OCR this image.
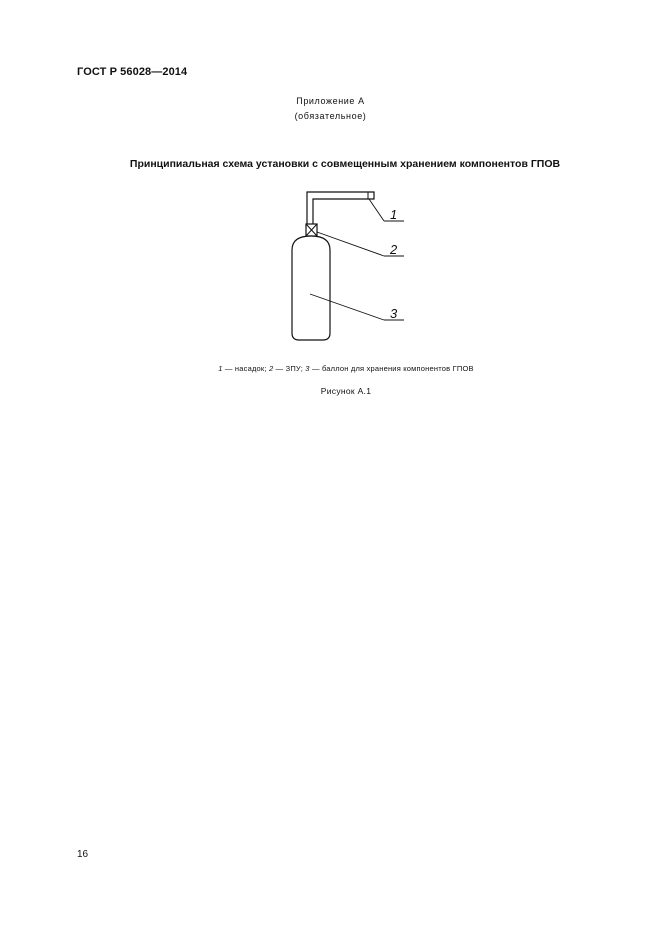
ГОСТ Р 56028—2014
Приложение А
(обязательное)
Принципиальная схема установки с совмещенным хранением компонентов ГПОВ
1
2
3
1 — насадок; 2 — ЗПУ; 3 — баллон для хранения компонентов ГПОВ
Рисунок А.1
16
